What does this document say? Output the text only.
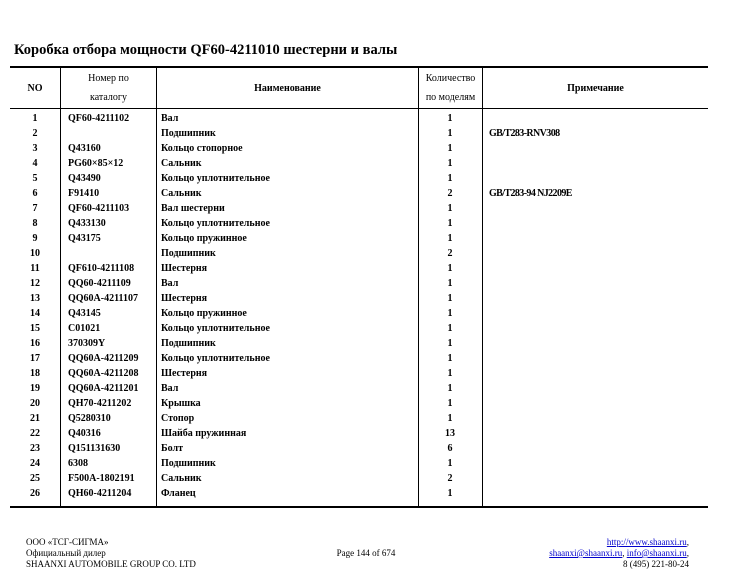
Коробка отбора мощности QF60-4211010 шестерни и валы
NO
Номер по
каталогу
Наименование
Количество
по моделям
Примечание
1	QF60-4211102	Вал	1
2	Подшипник	1	GB/T283-RNV308
3	Q43160	Кольцо стопорное	1
4	PG60×85×12	Сальник	1
5	Q43490	Кольцо уплотнительное	1
6	F91410	Сальник	2	GB/T283-94 NJ2209E
7	QF60-4211103	Вал шестерни	1
8	Q433130	Кольцо уплотнительное	1
9	Q43175	Кольцо пружинное	1
10	Подшипник	2
11	QF610-4211108	Шестерня	1
12	QQ60-4211109	Вал	1
13	QQ60A-4211107 Шестерня	1
14	Q43145	Кольцо пружинное	1
15	C01021	Кольцо уплотнительное	1
16	370309Y	Подшипник	1
17	QQ60A-4211209 Кольцо уплотнительное	1
18	QQ60A-4211208 Шестерня	1
19	QQ60A-4211201 Вал	1
20	QH70-4211202	Крышка	1
21	Q5280310	Стопор	1
22	Q40316	Шайба пружинная	13
23	Q151131630	Болт	6
24	6308	Подшипник	1
25	F500A-1802191	Сальник	2
26	QH60-4211204	Фланец	1
ООО «ТСГ-СИГМА»
Официальный дилер
SHAANXI AUTOMOBILE GROUP CO. LTD
Page 144 of 674
http://www.shaanxi.ru,
shaanxi@shaanxi.ru, info@shaanxi.ru,
8 (495) 221-80-24
